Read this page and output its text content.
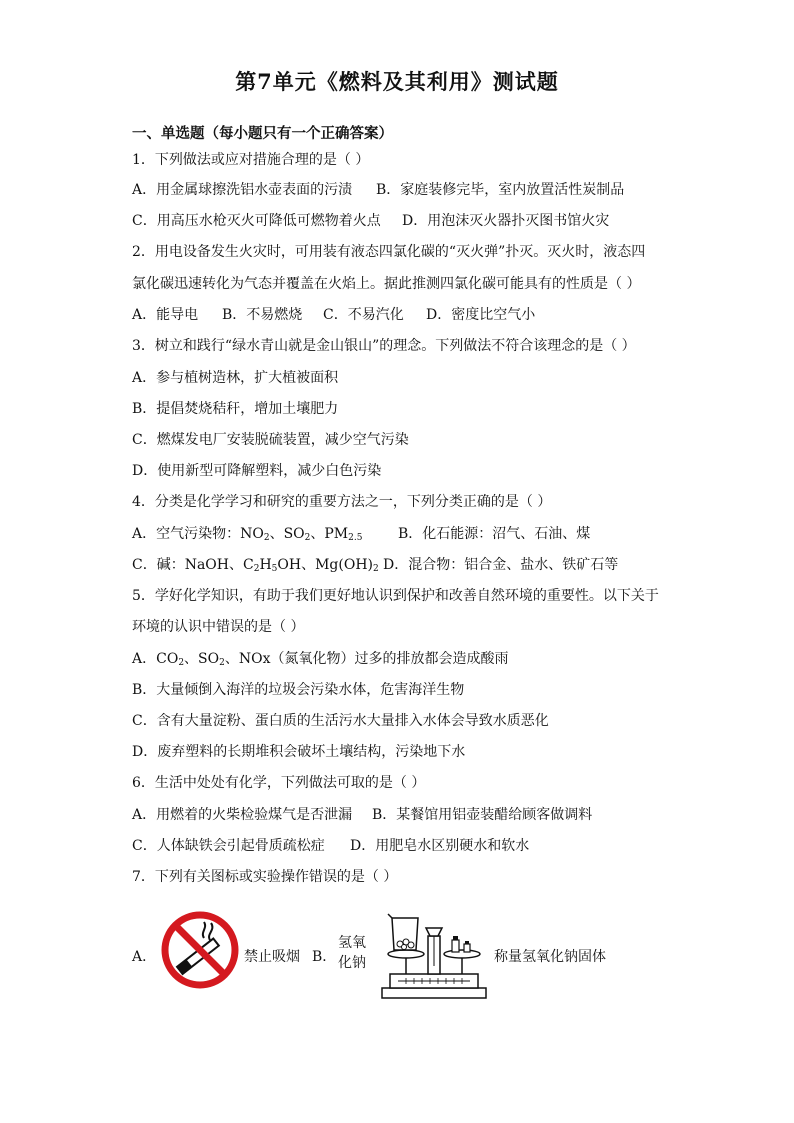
第7单元《燃料及其利用》测试题
一、单选题（每小题只有一个正确答案）
1．下列做法或应对措施合理的是（ ）
A．用金属球擦洗铝水壶表面的污渍 B．家庭装修完毕，室内放置活性炭制品
C．用高压水枪灭火可降低可燃物着火点 D．用泡沫灭火器扑灭图书馆火灾
2．用电设备发生火灾时，可用装有液态四氯化碳的“灭火弹”扑灭。灭火时，液态四
氯化碳迅速转化为气态并覆盖在火焰上。据此推测四氯化碳可能具有的性质是（ ）
A．能导电 B．不易燃烧 C．不易汽化 D．密度比空气小
3．树立和践行“绿水青山就是金山银山”的理念。下列做法不符合该理念的是（ ）
A．参与植树造林，扩大植被面积
B．提倡焚烧秸秆，增加土壤肥力
C．燃煤发电厂安装脱硫装置，减少空气污染
D．使用新型可降解塑料，减少白色污染
4．分类是化学学习和研究的重要方法之一，下列分类正确的是（ ）
A．空气污染物：$NO_2$、$SO_2$、$PM_{2.5}$	B．化石能源：沼气、石油、煤
C．碱：NaOH、$C_2H_5OH$、$Mg(OH)_2$ D．混合物：铝合金、盐水、铁矿石等
5．学好化学知识，有助于我们更好地认识到保护和改善自然环境的重要性。以下关于
环境的认识中错误的是（ ）
A．$CO_2$、$SO_2$、NOx（氮氧化物）过多的排放都会造成酸雨
B．大量倾倒入海洋的垃圾会污染水体，危害海洋生物
C．含有大量淀粉、蛋白质的生活污水大量排入水体会导致水质恶化
D．废弃塑料的长期堆积会破坏土壤结构，污染地下水
6．生活中处处有化学，下列做法可取的是（ ）
A．用燃着的火柴检验煤气是否泄漏 B．某餐馆用铝壶装醋给顾客做调料
C．人体缺铁会引起骨质疏松症 D．用肥皂水区别硬水和软水
7．下列有关图标或实验操作错误的是（ ）
A．	禁止吸烟 B．
氢氧
化钠	称量氢氧化钠固体
